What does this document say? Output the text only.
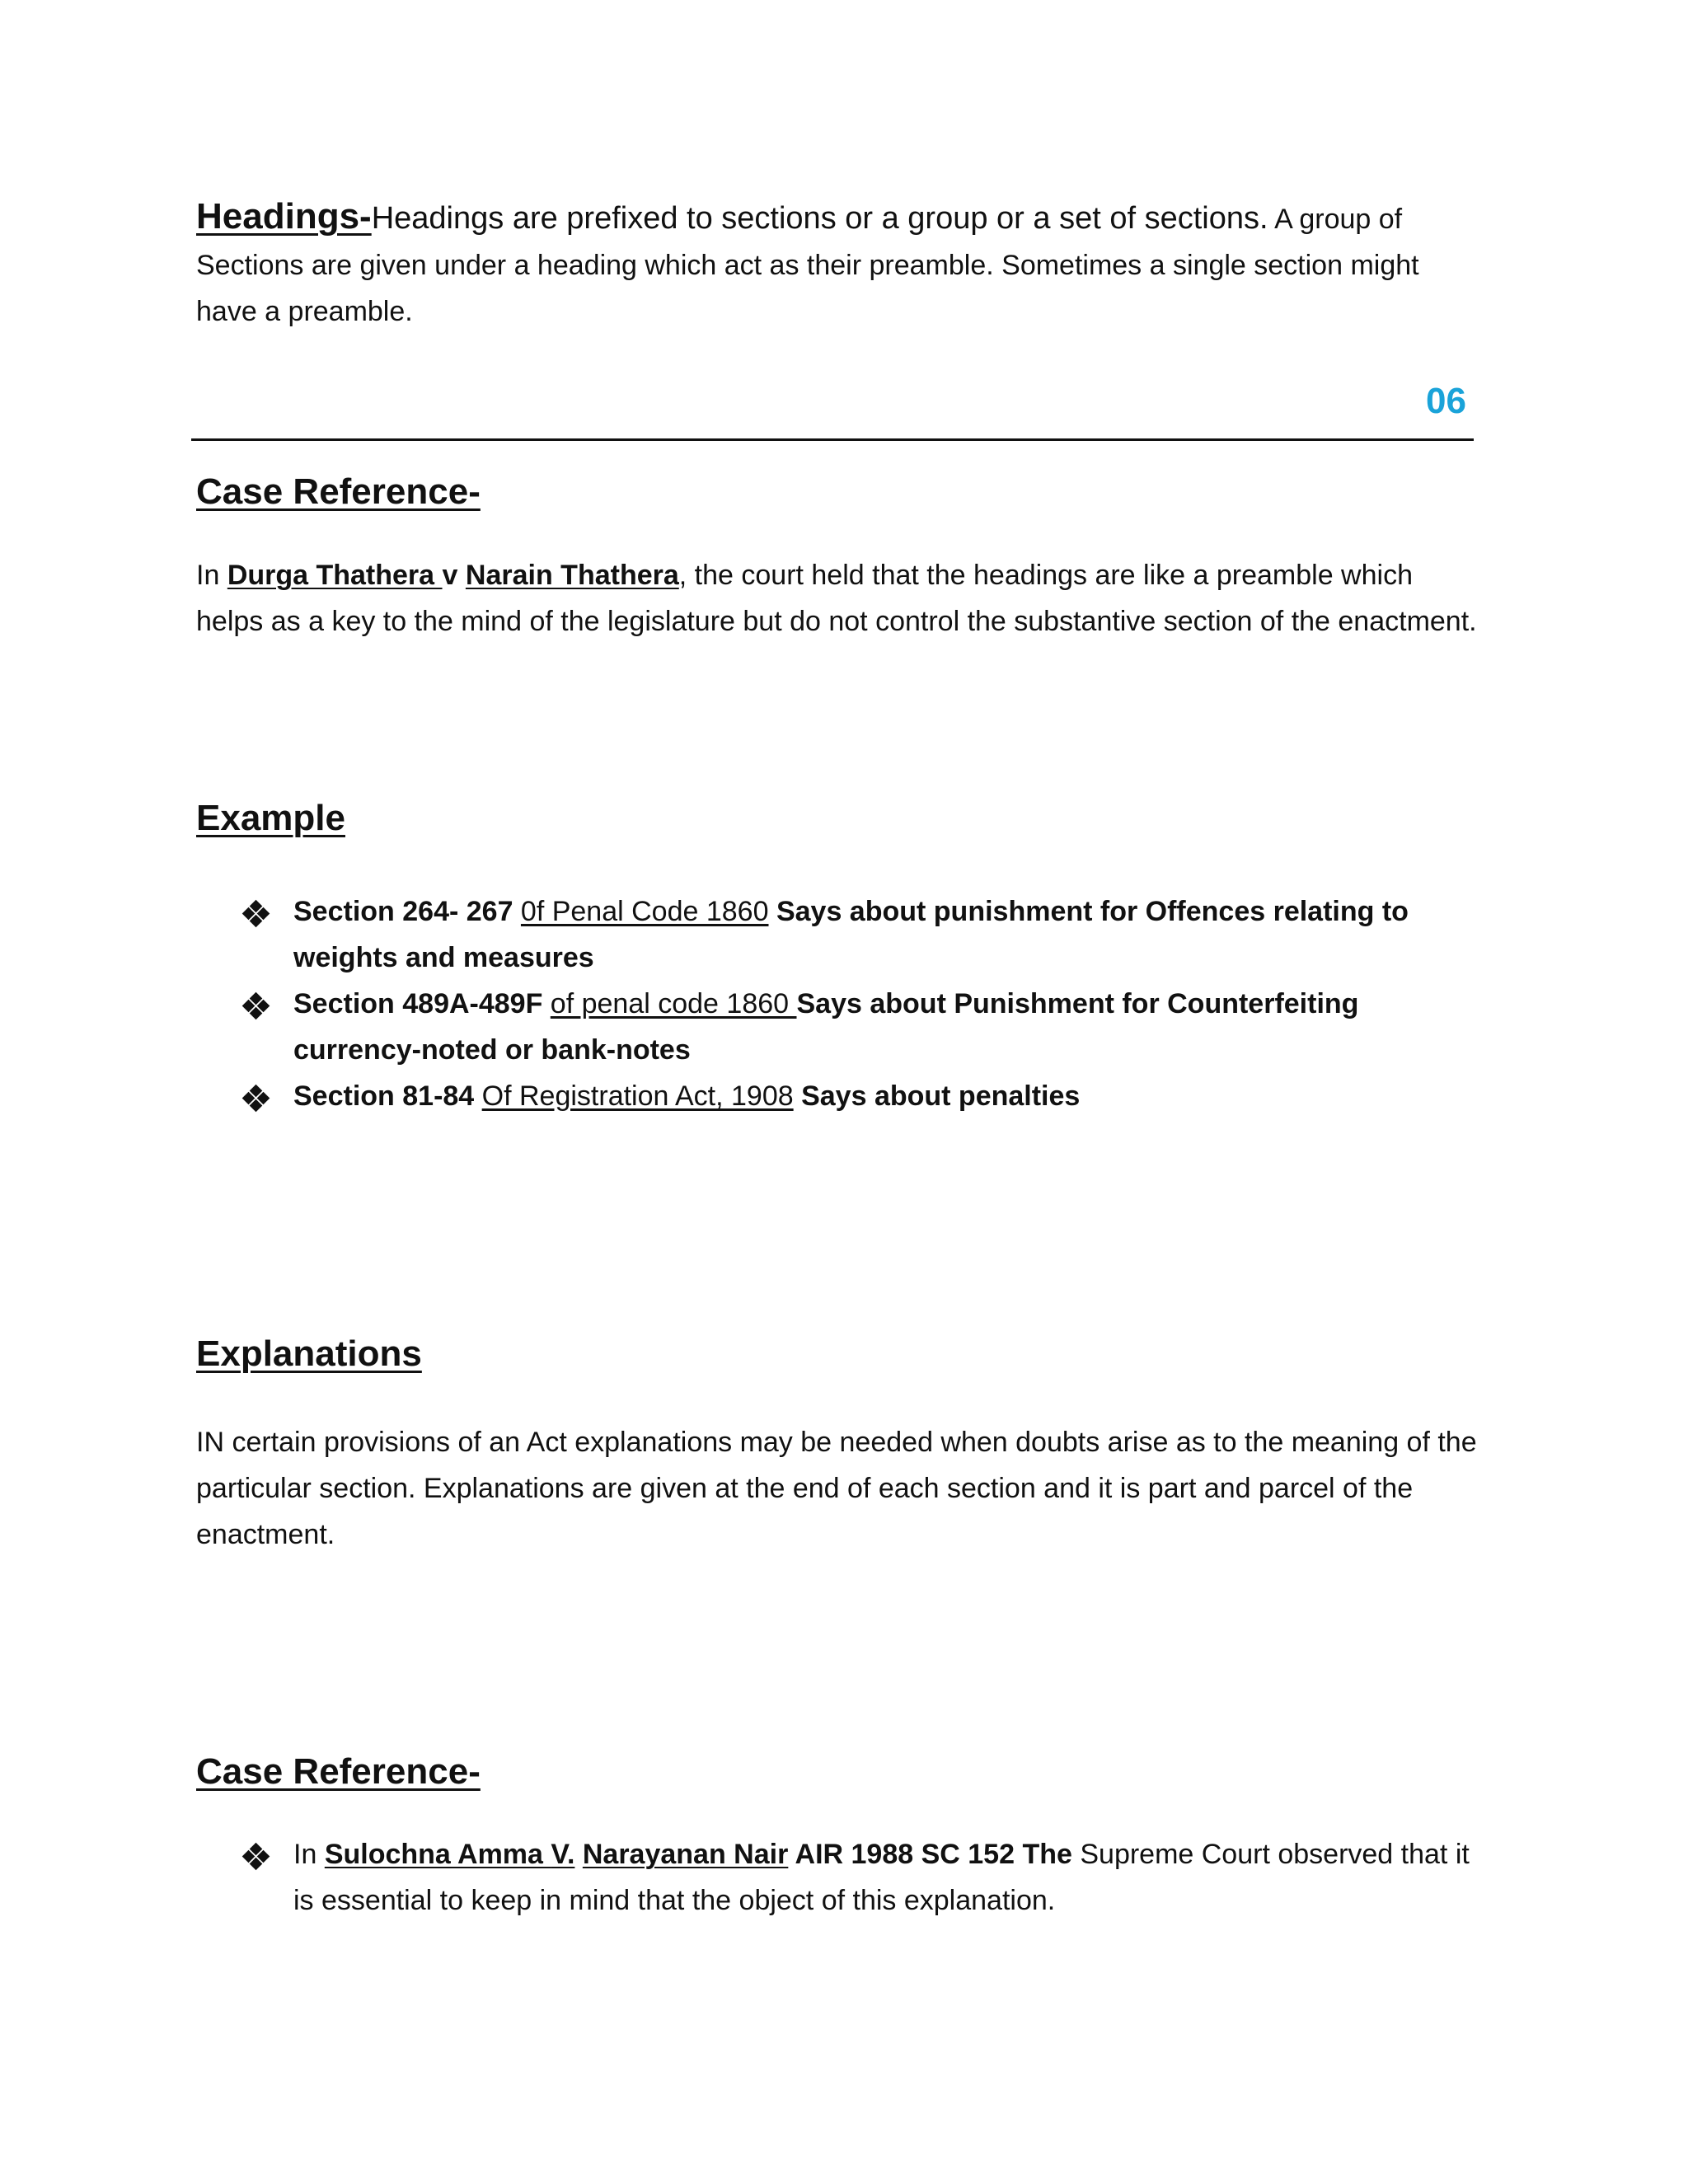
Headings-Headings are prefixed to sections or a group or a set of sections. A group of Sections are given under a heading which act as their preamble. Sometimes a single section might have a preamble.
06
Case Reference-
In Durga Thathera v Narain Thathera, the court held that the headings are like a preamble which helps as a key to the mind of the legislature but do not control the substantive section of the enactment.
Example
Section 264- 267 0f Penal Code 1860 Says about punishment for Offences relating to weights and measures
Section 489A-489F of penal code 1860 Says about Punishment for Counterfeiting currency-noted or bank-notes
Section 81-84 Of Registration Act, 1908 Says about penalties
Explanations
IN certain provisions of an Act explanations may be needed when doubts arise as to the meaning of the particular section. Explanations are given at the end of each section and it is part and parcel of the enactment.
Case Reference-
In Sulochna Amma V. Narayanan Nair AIR 1988 SC 152 The Supreme Court observed that it is essential to keep in mind that the object of this explanation.
